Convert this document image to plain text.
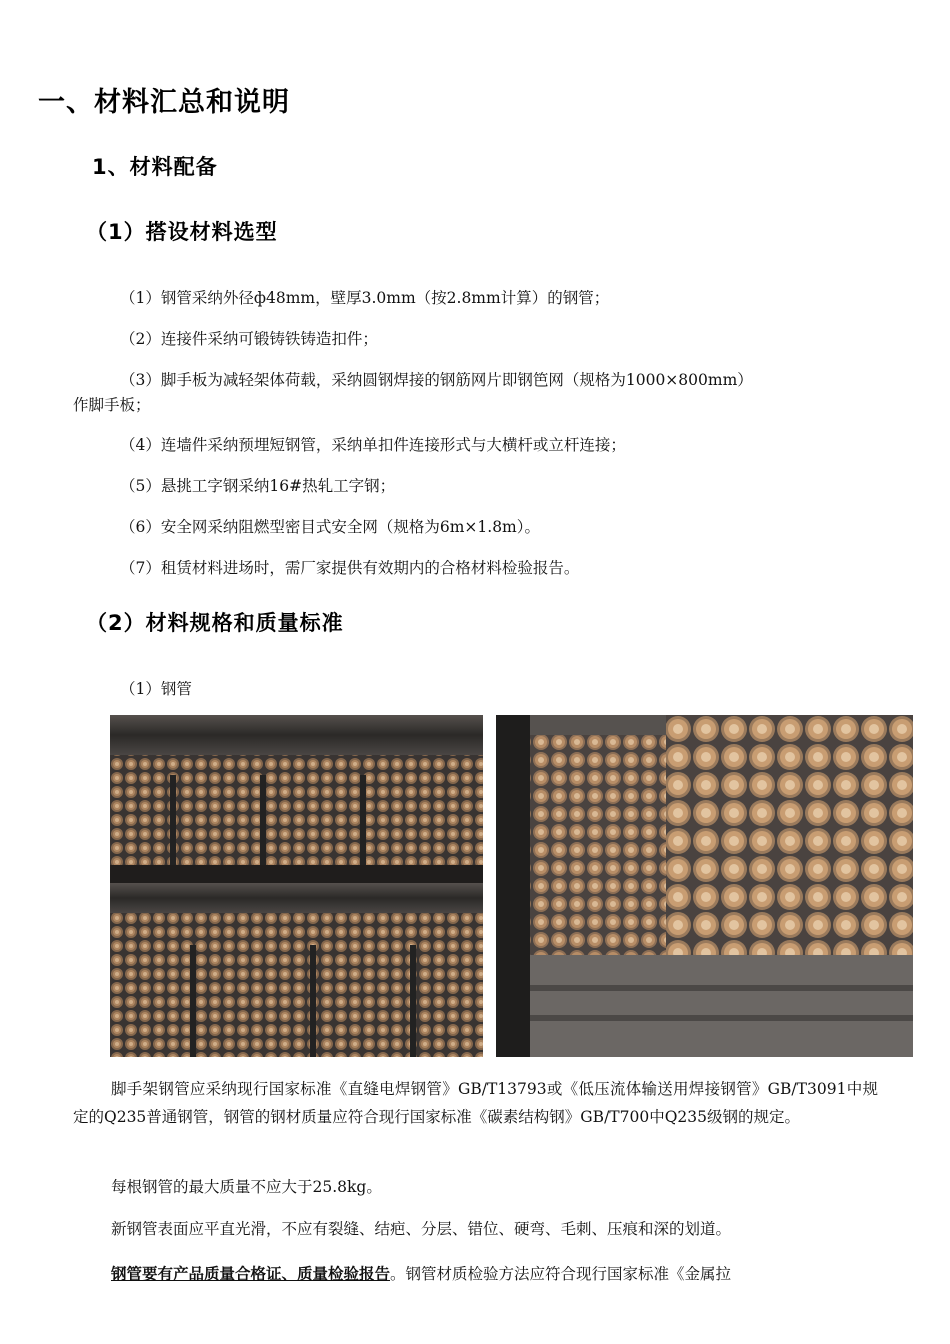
一、材料汇总和说明
1、材料配备
（1）搭设材料选型
（1）钢管采纳外径ф48mm，壁厚3.0mm（按2.8mm计算）的钢管；
（2）连接件采纳可锻铸铁铸造扣件；
（3）脚手板为减轻架体荷载，采纳圆钢焊接的钢筋网片即钢笆网（规格为1000×800mm）
作脚手板；
（4）连墙件采纳预埋短钢管，采纳单扣件连接形式与大横杆或立杆连接；
（5）悬挑工字钢采纳16#热轧工字钢；
（6）安全网采纳阻燃型密目式安全网（规格为6m×1.8m）。
（7）租赁材料进场时，需厂家提供有效期内的合格材料检验报告。
（2）材料规格和质量标准
（1）钢管
脚手架钢管应采纳现行国家标准《直缝电焊钢管》GB/T13793或《低压流体输送用焊接钢管》GB/T3091中规定的Q235普通钢管，钢管的钢材质量应符合现行国家标准《碳素结构钢》GB/T700中Q235级钢的规定。
每根钢管的最大质量不应大于25.8kg。
新钢管表面应平直光滑，不应有裂缝、结疤、分层、错位、硬弯、毛刺、压痕和深的划道。
钢管要有产品质量合格证、质量检验报告。钢管材质检验方法应符合现行国家标准《金属拉
